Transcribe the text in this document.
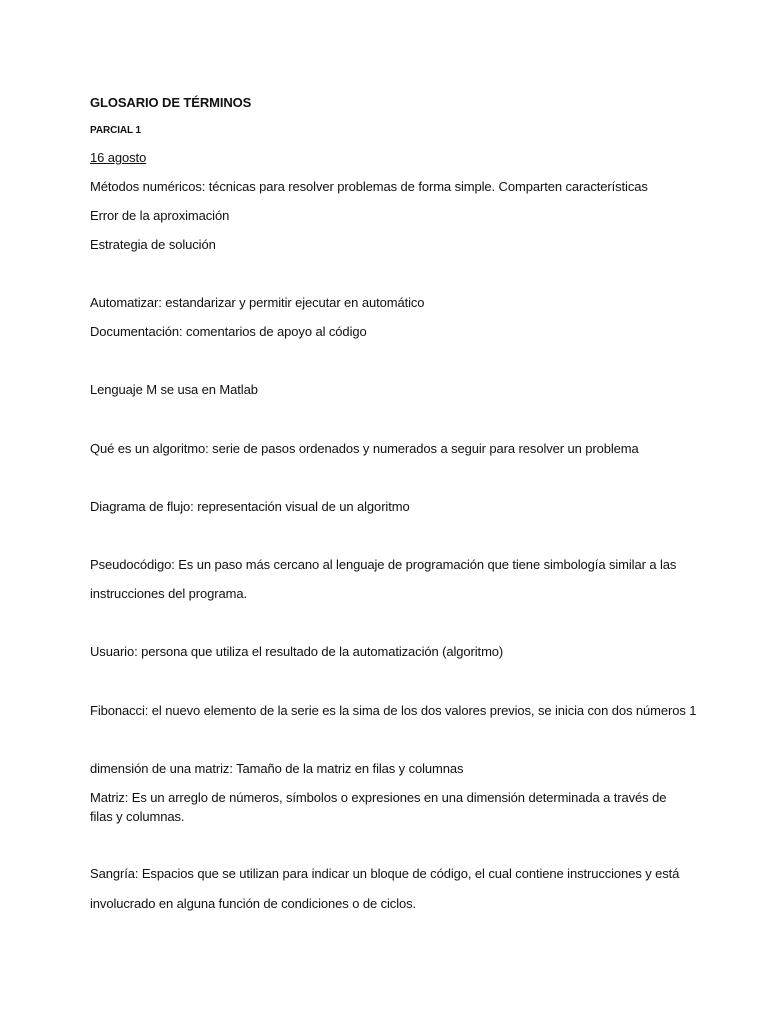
GLOSARIO DE TÉRMINOS
PARCIAL 1
16 agosto
Métodos numéricos: técnicas para resolver problemas de forma simple. Comparten características
Error de la aproximación
Estrategia de solución
Automatizar: estandarizar y permitir ejecutar en automático
Documentación: comentarios de apoyo al código
Lenguaje M se usa en Matlab
Qué es un algoritmo: serie de pasos ordenados y numerados a seguir para resolver un problema
Diagrama de flujo: representación visual de un algoritmo
Pseudocódigo: Es un paso más cercano al lenguaje de programación que tiene simbología similar a las
instrucciones del programa.
Usuario: persona que utiliza el resultado de la automatización (algoritmo)
Fibonacci: el nuevo elemento de la serie es la sima de los dos valores previos, se inicia con dos números 1
dimensión de una matriz: Tamaño de la matriz en filas y columnas
Matriz: Es un arreglo de números, símbolos o expresiones en una dimensión determinada a través de filas y columnas.
Sangría: Espacios que se utilizan para indicar un bloque de código, el cual contiene instrucciones y está
involucrado en alguna función de condiciones o de ciclos.
